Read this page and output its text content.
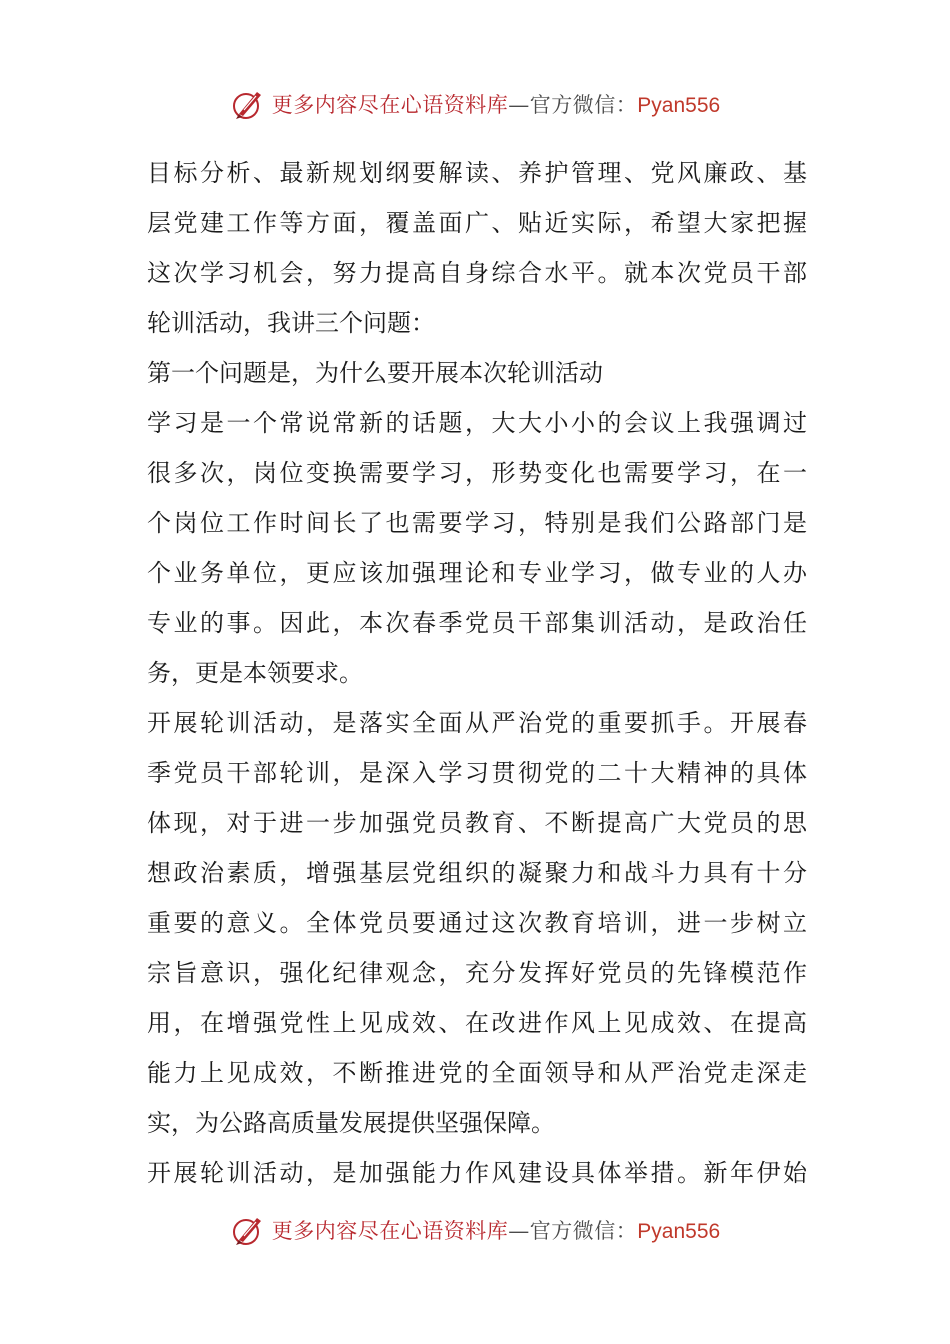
更多内容尽在心语资料库 — 官方微信： Pyan556
目标分析、最新规划纲要解读、养护管理、党风廉政、基
层党建工作等方面，覆盖面广、贴近实际，希望大家把握
这次学习机会，努力提高自身综合水平。就本次党员干部
轮训活动，我讲三个问题：
第一个问题是，为什么要开展本次轮训活动
学习是一个常说常新的话题，大大小小的会议上我强调过
很多次，岗位变换需要学习，形势变化也需要学习，在一
个岗位工作时间长了也需要学习，特别是我们公路部门是
个业务单位，更应该加强理论和专业学习，做专业的人办
专业的事。因此，本次春季党员干部集训活动，是政治任
务，更是本领要求。
开展轮训活动，是落实全面从严治党的重要抓手。开展春
季党员干部轮训，是深入学习贯彻党的二十大精神的具体
体现，对于进一步加强党员教育、不断提高广大党员的思
想政治素质，增强基层党组织的凝聚力和战斗力具有十分
重要的意义。全体党员要通过这次教育培训，进一步树立
宗旨意识，强化纪律观念，充分发挥好党员的先锋模范作
用，在增强党性上见成效、在改进作风上见成效、在提高
能力上见成效，不断推进党的全面领导和从严治党走深走
实，为公路高质量发展提供坚强保障。
开展轮训活动，是加强能力作风建设具体举措。新年伊始
更多内容尽在心语资料库 — 官方微信： Pyan556
